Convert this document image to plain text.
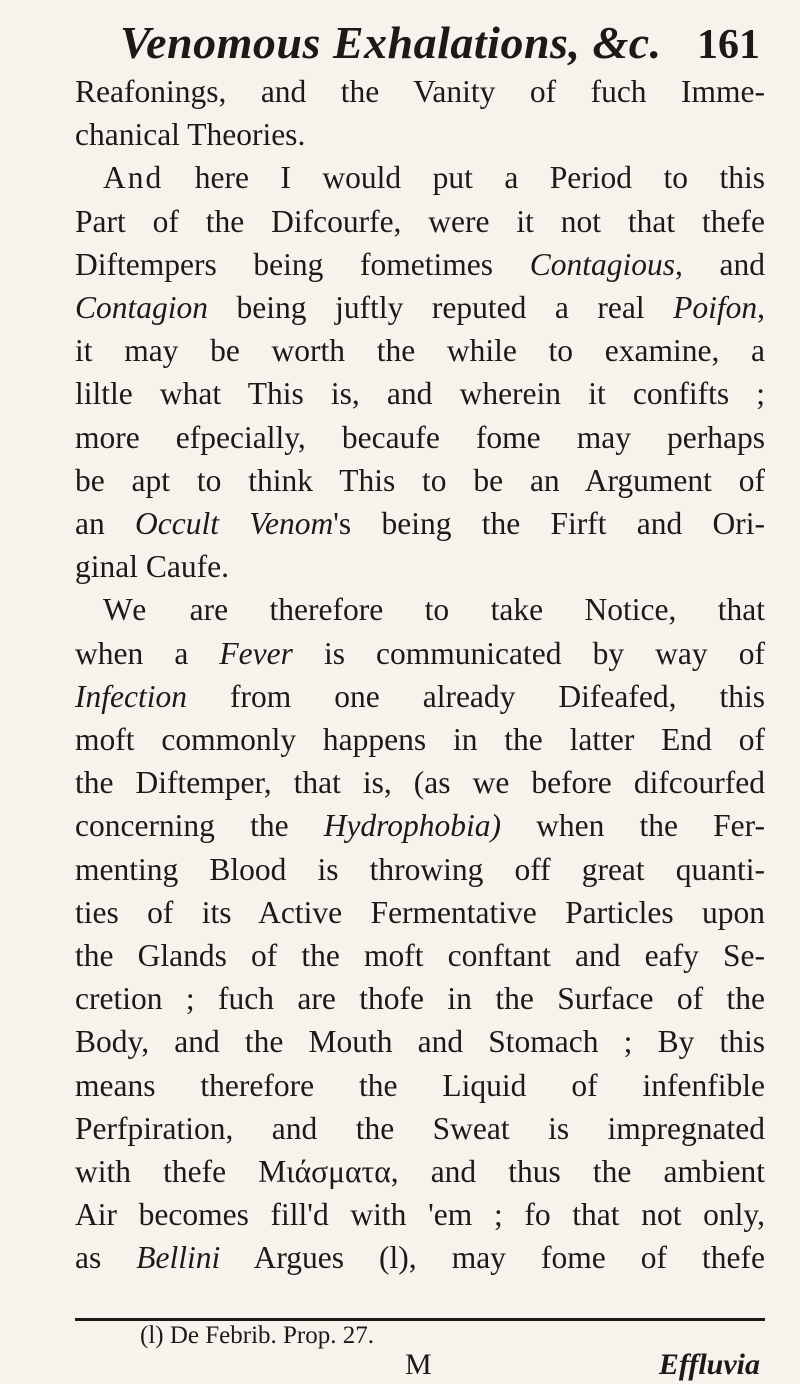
Venomous Exhalations, &c. 161
Reafonings, and the Vanity of fuch Imme-
chanical Theories.
And here I would put a Period to this
Part of the Difcourfe, were it not that thefe
Diftempers being fometimes Contagious, and
Contagion being juftly reputed a real Poifon,
it may be worth the while to examine, a
liltle what This is, and wherein it confifts ;
more efpecially, becaufe fome may perhaps
be apt to think This to be an Argument of
an Occult Venom's being the Firft and Ori-
ginal Caufe.
We are therefore to take Notice, that
when a Fever is communicated by way of
Infection from one already Difeafed, this
moft commonly happens in the latter End of
the Diftemper, that is, (as we before difcourfed
concerning the Hydrophobia) when the Fer-
menting Blood is throwing off great quanti-
ties of its Active Fermentative Particles upon
the Glands of the moft conftant and eafy Se-
cretion ; fuch are thofe in the Surface of the
Body, and the Mouth and Stomach ; By this
means therefore the Liquid of infenfible
Perfpiration, and the Sweat is impregnated
with thefe Μιάσματα, and thus the ambient
Air becomes fill'd with 'em ; fo that not only,
as Bellini Argues (l), may fome of thefe
(l) De Febrib. Prop. 27.
M	Effluvia
